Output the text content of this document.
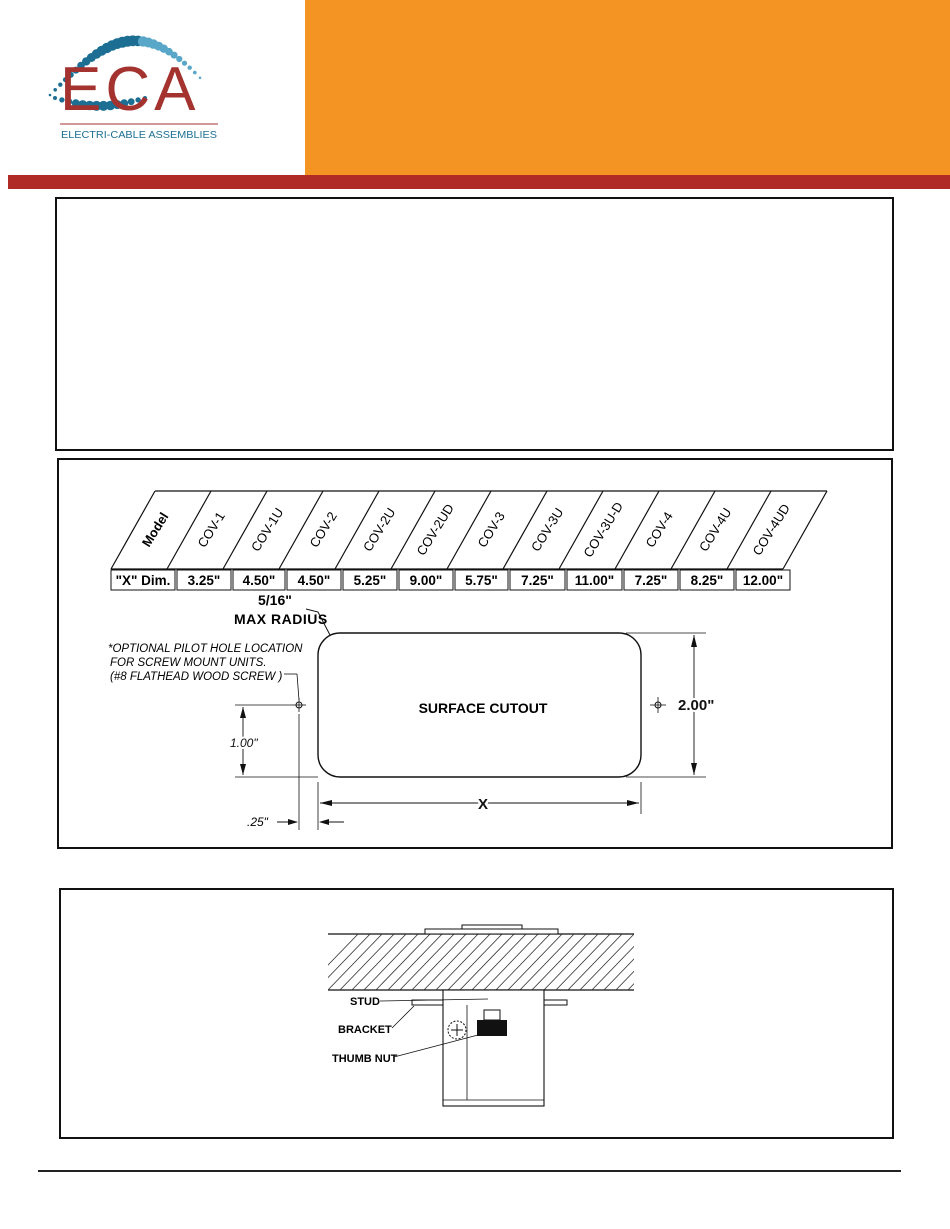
ECA
ELECTRI-CABLE ASSEMBLIES
Model COV-1 COV-1U COV-2 COV-2U COV-2UD COV-3 COV-3U COV-3U-D COV-4 COV-4U COV-4UD
"X" Dim. 3.25" 4.50" 4.50" 5.25" 9.00" 5.75" 7.25" 11.00" 7.25" 8.25" 12.00"
5/16"
MAX RADIUS
*OPTIONAL PILOT HOLE LOCATION
FOR SCREW MOUNT UNITS.
(#8 FLATHEAD WOOD SCREW )
SURFACE CUTOUT	2.00"
1.00"
X
.25"
STUD
BRACKET
THUMB NUT
